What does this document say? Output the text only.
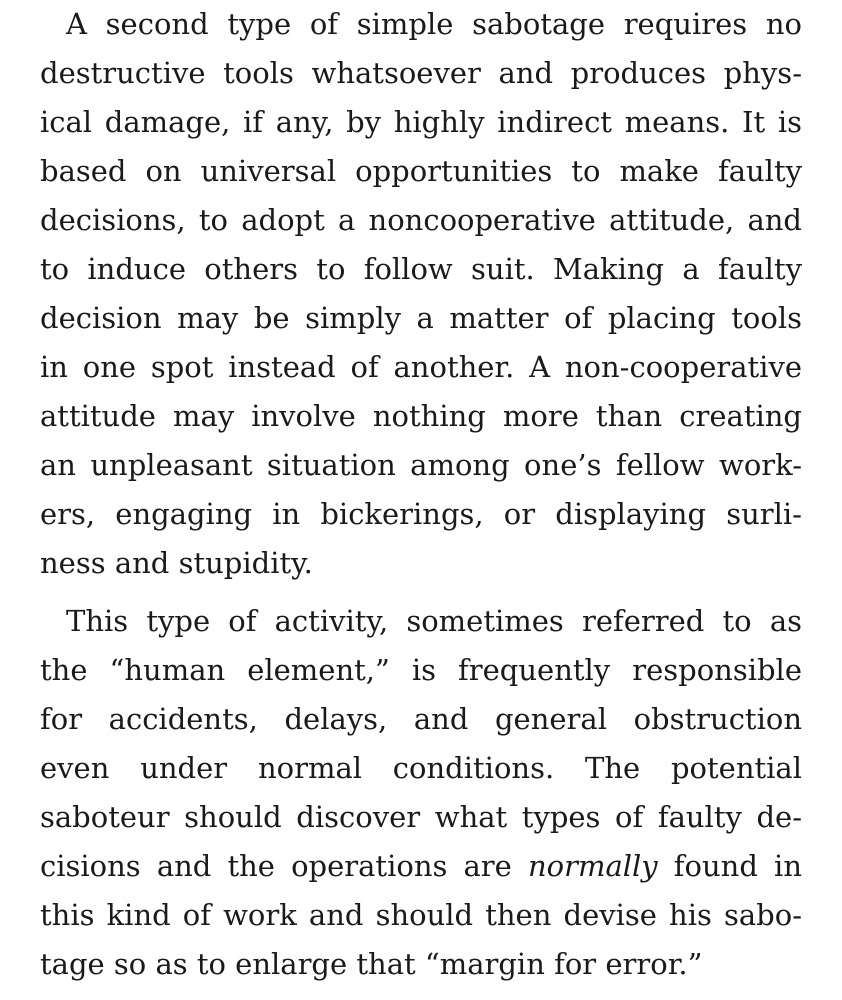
A second type of simple sabotage requires no
destructive tools whatsoever and produces phys-
ical damage, if any, by highly indirect means. It is
based on universal opportunities to make faulty
decisions, to adopt a noncooperative attitude, and
to induce others to follow suit. Making a faulty
decision may be simply a matter of placing tools
in one spot instead of another. A non-cooperative
attitude may involve nothing more than creating
an unpleasant situation among one’s fellow work-
ers, engaging in bickerings, or displaying surli-
ness and stupidity.

This type of activity, sometimes referred to as
the “human element,” is frequently responsible
for accidents, delays, and general obstruction
even under normal conditions. The potential
saboteur should discover what types of faulty de-
cisions and the operations are normally found in
this kind of work and should then devise his sabo-
tage so as to enlarge that “margin for error.”
